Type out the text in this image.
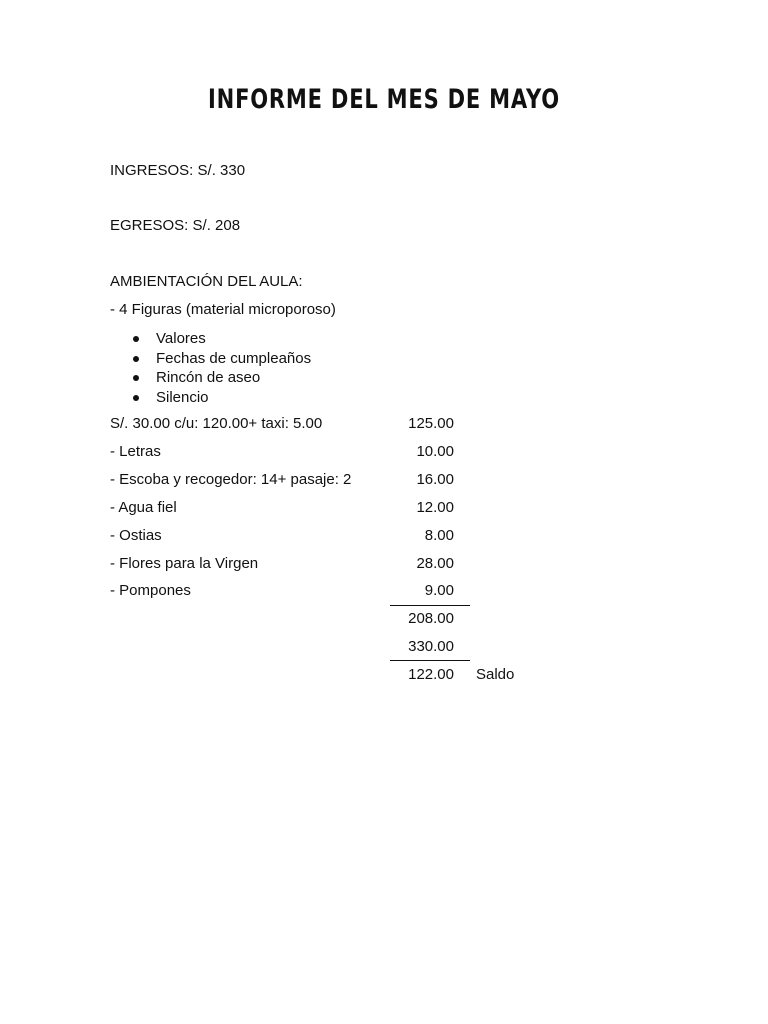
INFORME DEL MES DE MAYO
INGRESOS: S/. 330
EGRESOS: S/. 208
AMBIENTACIÓN DEL AULA:
- 4 Figuras (material microporoso)
Valores
Fechas de cumpleaños
Rincón de aseo
Silencio
S/. 30.00 c/u: 120.00+ taxi: 5.00	125.00
- Letras	10.00
- Escoba y recogedor: 14+ pasaje: 2	16.00
- Agua fiel	12.00
- Ostias	8.00
- Flores para la Virgen	28.00
- Pompones	9.00
208.00
330.00
122.00 Saldo
